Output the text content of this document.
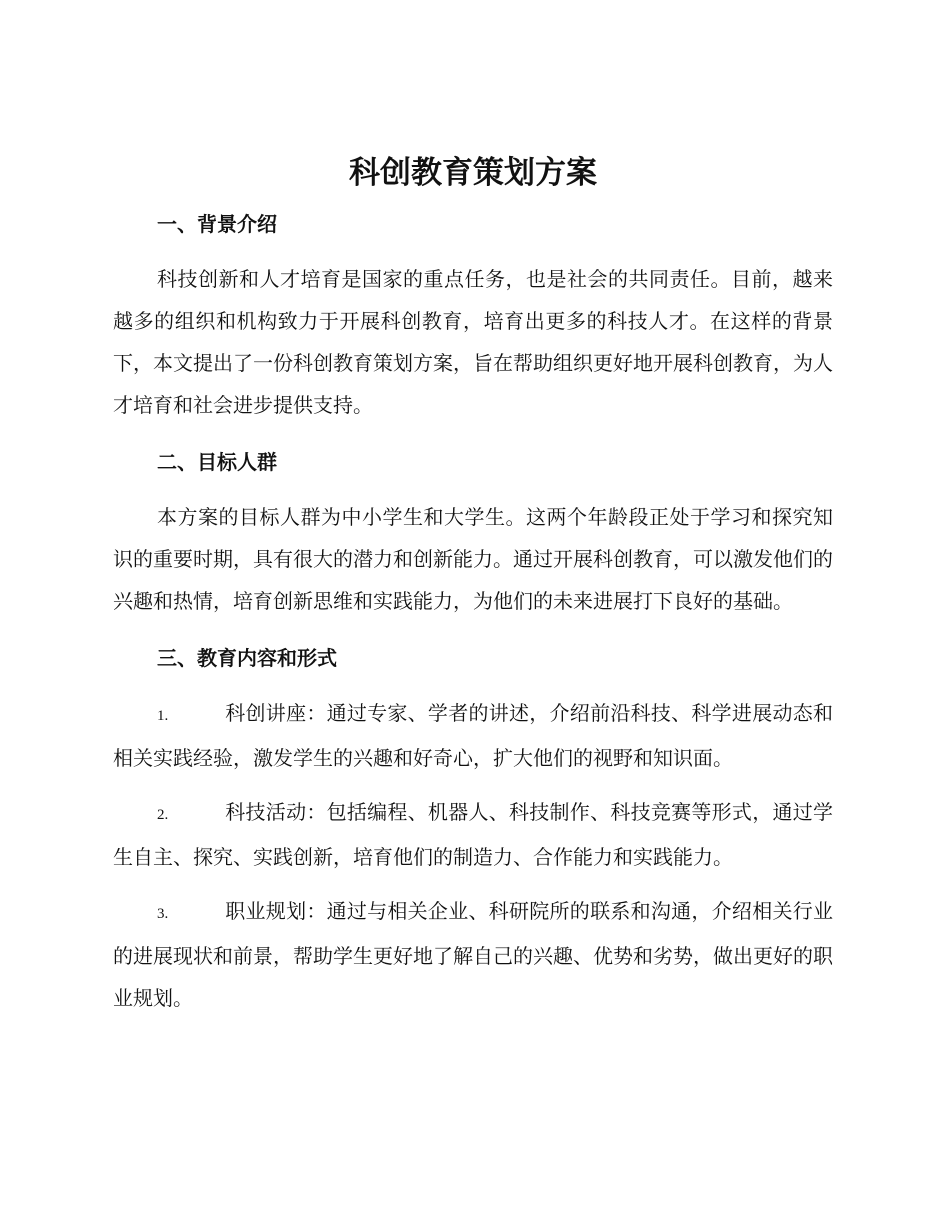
科创教育策划方案
一、背景介绍

科技创新和人才培育是国家的重点任务，也是社会的共同责任。目前，越来越多的组织和机构致力于开展科创教育，培育出更多的科技人才。在这样的背景下，本文提出了一份科创教育策划方案，旨在帮助组织更好地开展科创教育，为人才培育和社会进步提供支持。

二、目标人群

本方案的目标人群为中小学生和大学生。这两个年龄段正处于学习和探究知识的重要时期，具有很大的潜力和创新能力。通过开展科创教育，可以激发他们的兴趣和热情，培育创新思维和实践能力，为他们的未来进展打下良好的基础。

三、教育内容和形式

1.	科创讲座：通过专家、学者的讲述，介绍前沿科技、科学进展动态和相关实践经验，激发学生的兴趣和好奇心，扩大他们的视野和知识面。

2.	科技活动：包括编程、机器人、科技制作、科技竞赛等形式，通过学生自主、探究、实践创新，培育他们的制造力、合作能力和实践能力。

3.	职业规划：通过与相关企业、科研院所的联系和沟通，介绍相关行业的进展现状和前景，帮助学生更好地了解自己的兴趣、优势和劣势，做出更好的职业规划。
